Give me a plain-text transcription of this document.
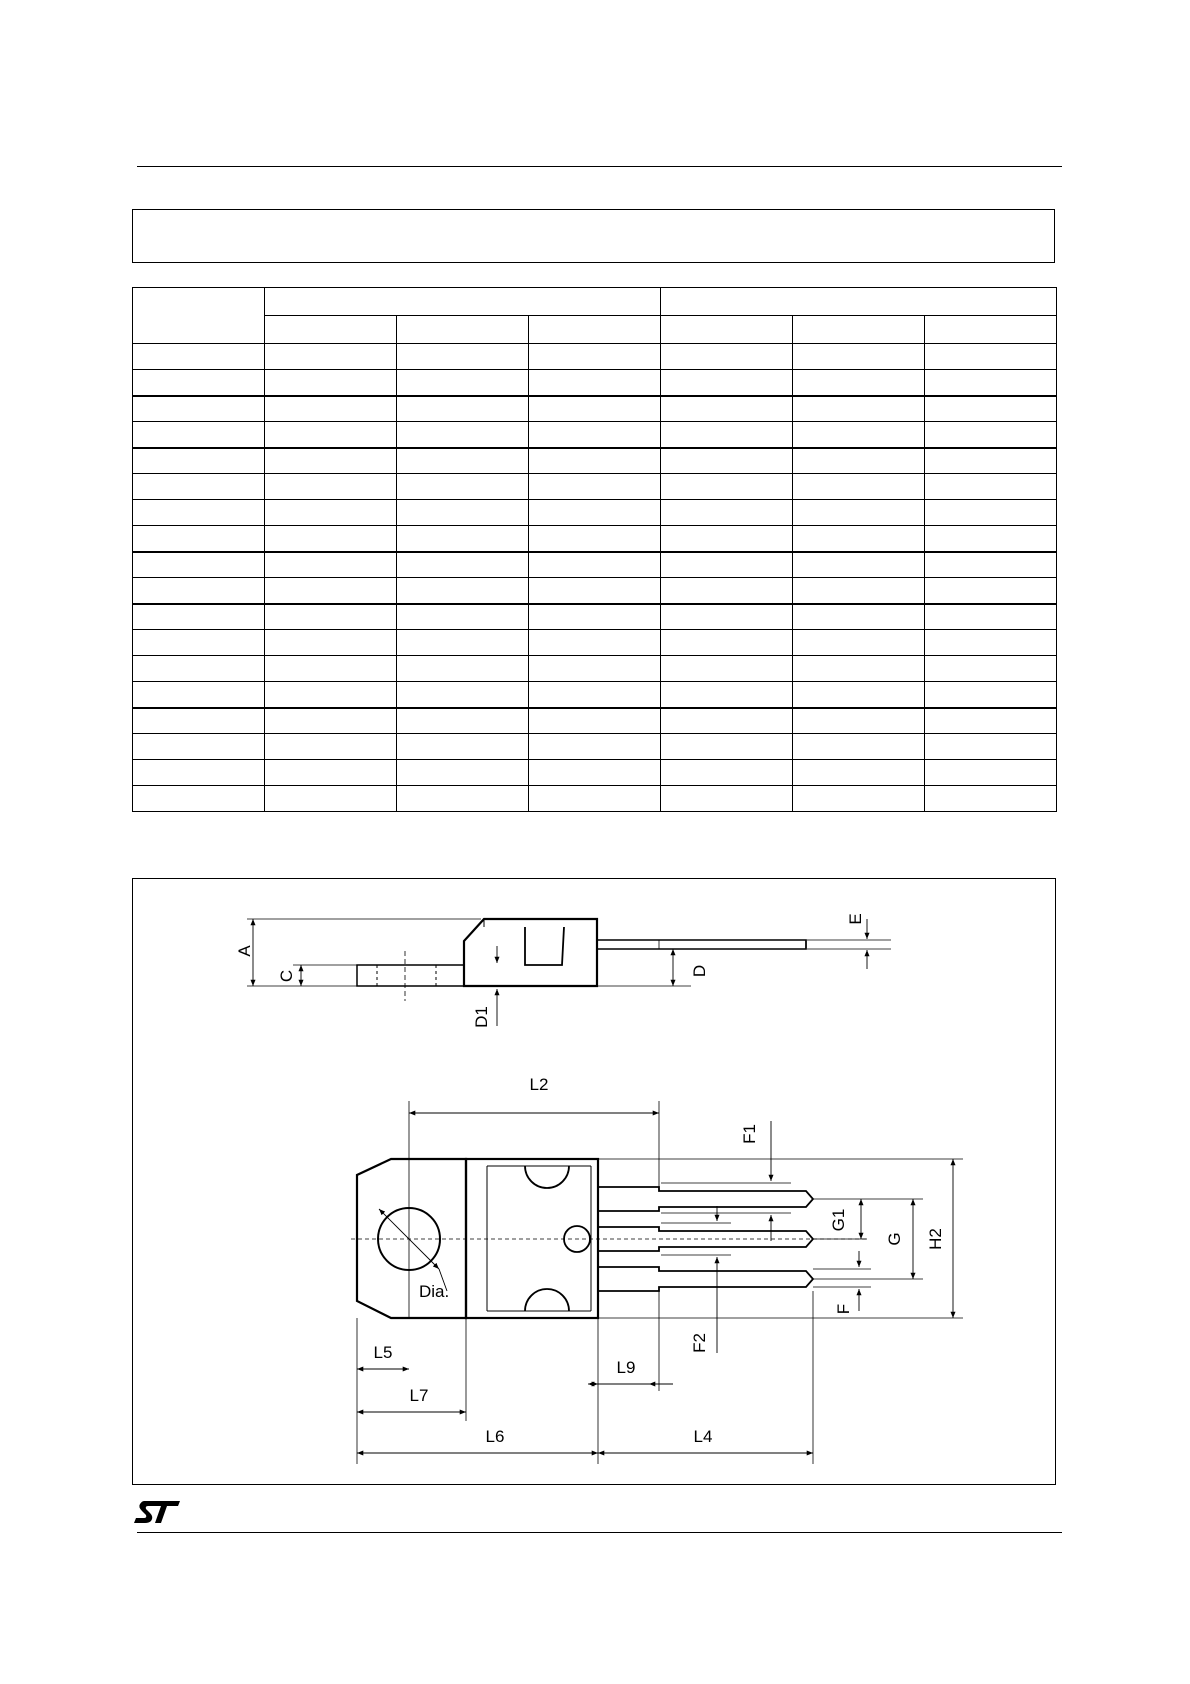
A
C	D
D1
E
L2
F1
G1
G H2
F
F2
Dia.
L5
L9
L7
L6	L4
